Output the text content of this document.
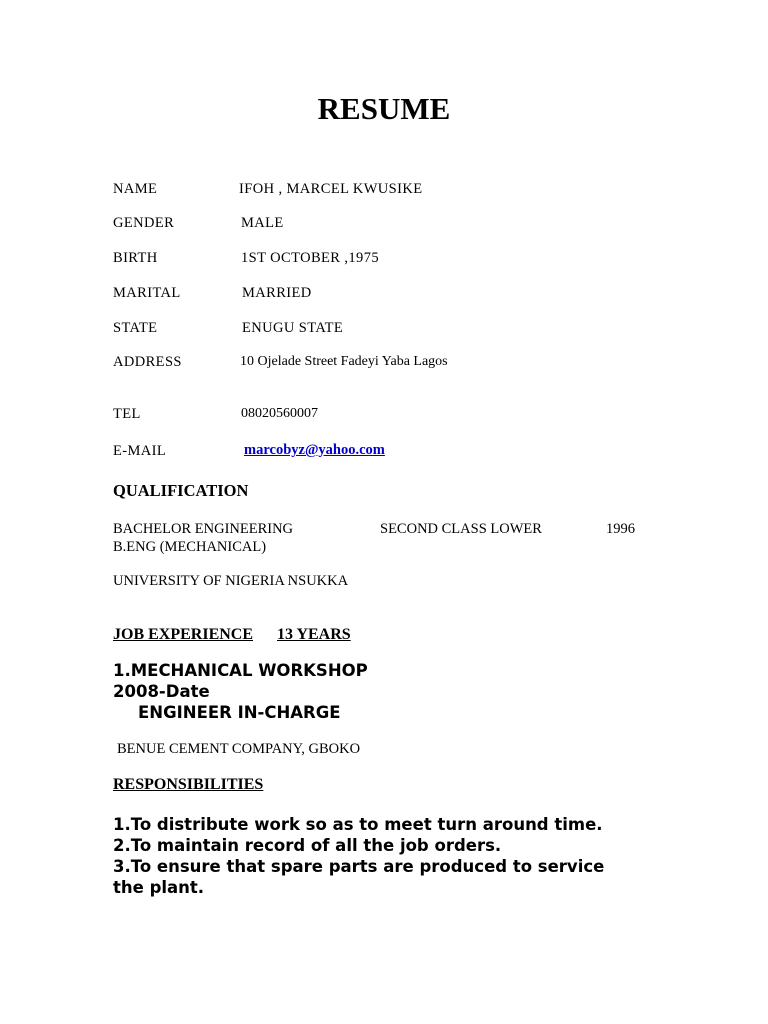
RESUME
NAME	IFOH , MARCEL KWUSIKE
GENDER	MALE
BIRTH	1ST OCTOBER ,1975
MARITAL	MARRIED
STATE	ENUGU STATE
ADDRESS	10 Ojelade Street Fadeyi Yaba Lagos
TEL	08020560007
E-MAIL	marcobyz@yahoo.com
QUALIFICATION
BACHELOR ENGINEERING	SECOND CLASS LOWER	1996
B.ENG (MECHANICAL)
UNIVERSITY OF NIGERIA NSUKKA
JOB EXPERIENCE 13 YEARS
1.MECHANICAL WORKSHOP
2008-Date
ENGINEER IN-CHARGE
BENUE CEMENT COMPANY, GBOKO
RESPONSIBILITIES
1.To distribute work so as to meet turn around time.
2.To maintain record of all the job orders.
3.To ensure that spare parts are produced to service
the plant.
